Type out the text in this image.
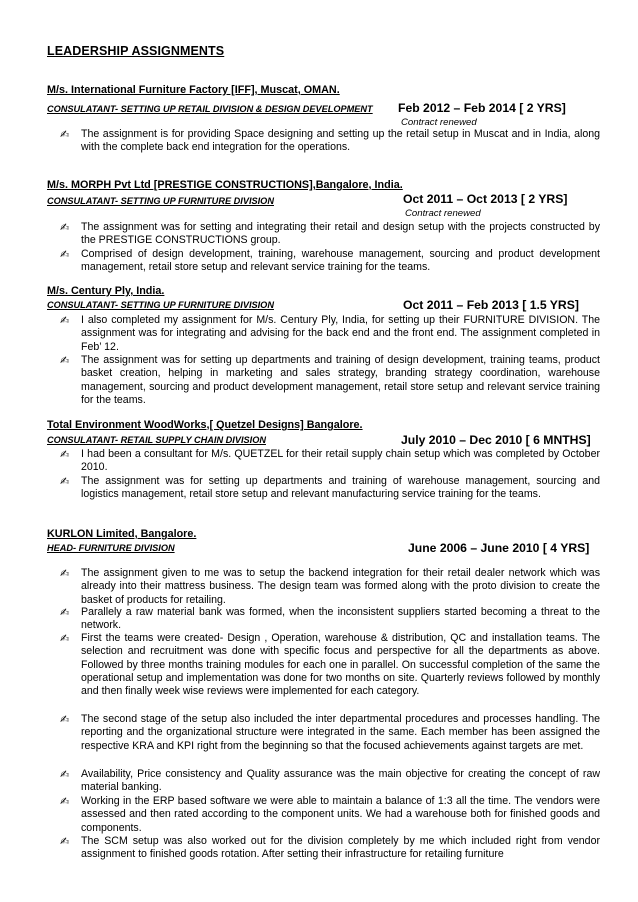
LEADERSHIP ASSIGNMENTS
M/s. International Furniture Factory [IFF], Muscat, OMAN.
CONSULATANT- SETTING UP RETAIL DIVISION & DESIGN DEVELOPMENT Feb 2012 – Feb 2014 [ 2 YRS]
Contract renewed
✍ The assignment is for providing Space designing and setting up the retail setup in Muscat and in India, along with the complete back end integration for the operations.
M/s. MORPH Pvt Ltd [PRESTIGE CONSTRUCTIONS],Bangalore, India.
CONSULATANT- SETTING UP FURNITURE DIVISION	Oct 2011 – Oct 2013 [ 2 YRS]
Contract renewed
✍ The assignment was for setting and integrating their retail and design setup with the projects constructed by the PRESTIGE CONSTRUCTIONS group.
✍ Comprised of design development, training, warehouse management, sourcing and product development management, retail store setup and relevant service training for the teams.
M/s. Century Ply, India.
CONSULATANT- SETTING UP FURNITURE DIVISION	Oct 2011 – Feb 2013 [ 1.5 YRS]
✍ I also completed my assignment for M/s. Century Ply, India, for setting up their FURNITURE DIVISION. The assignment was for integrating and advising for the back end and the front end. The assignment completed in Feb’ 12.
✍ The assignment was for setting up departments and training of design development, training teams, product basket creation, helping in marketing and sales strategy, branding strategy coordination, warehouse management, sourcing and product development management, retail store setup and relevant service training for the teams.
Total Environment WoodWorks,[ Quetzel Designs] Bangalore.
CONSULATANT- RETAIL SUPPLY CHAIN DIVISION	July 2010 – Dec 2010 [ 6 MNTHS]
✍ I had been a consultant for M/s. QUETZEL for their retail supply chain setup which was completed by October 2010.
✍ The assignment was for setting up departments and training of warehouse management, sourcing and logistics management, retail store setup and relevant manufacturing service training for the teams.
KURLON Limited, Bangalore.
HEAD- FURNITURE DIVISION	June 2006 – June 2010 [ 4 YRS]
✍ The assignment given to me was to setup the backend integration for their retail dealer network which was already into their mattress business. The design team was formed along with the proto division to create the basket of products for retailing.
✍ Parallely a raw material bank was formed, when the inconsistent suppliers started becoming a threat to the network.
✍ First the teams were created- Design , Operation, warehouse & distribution, QC and installation teams. The selection and recruitment was done with specific focus and perspective for all the departments as above. Followed by three months training modules for each one in parallel. On successful completion of the same the operational setup and implementation was done for two months on site. Quarterly reviews followed by monthly and then finally week wise reviews were implemented for each category.
✍ The second stage of the setup also included the inter departmental procedures and processes handling. The reporting and the organizational structure were integrated in the same. Each member has been assigned the respective KRA and KPI right from the beginning so that the focused achievements against targets are met.
✍ Availability, Price consistency and Quality assurance was the main objective for creating the concept of raw material banking.
✍ Working in the ERP based software we were able to maintain a balance of 1:3 all the time. The vendors were assessed and then rated according to the component units. We had a warehouse both for finished goods and components.
✍ The SCM setup was also worked out for the division completely by me which included right from vendor assignment to finished goods rotation. After setting their infrastructure for retailing furniture
